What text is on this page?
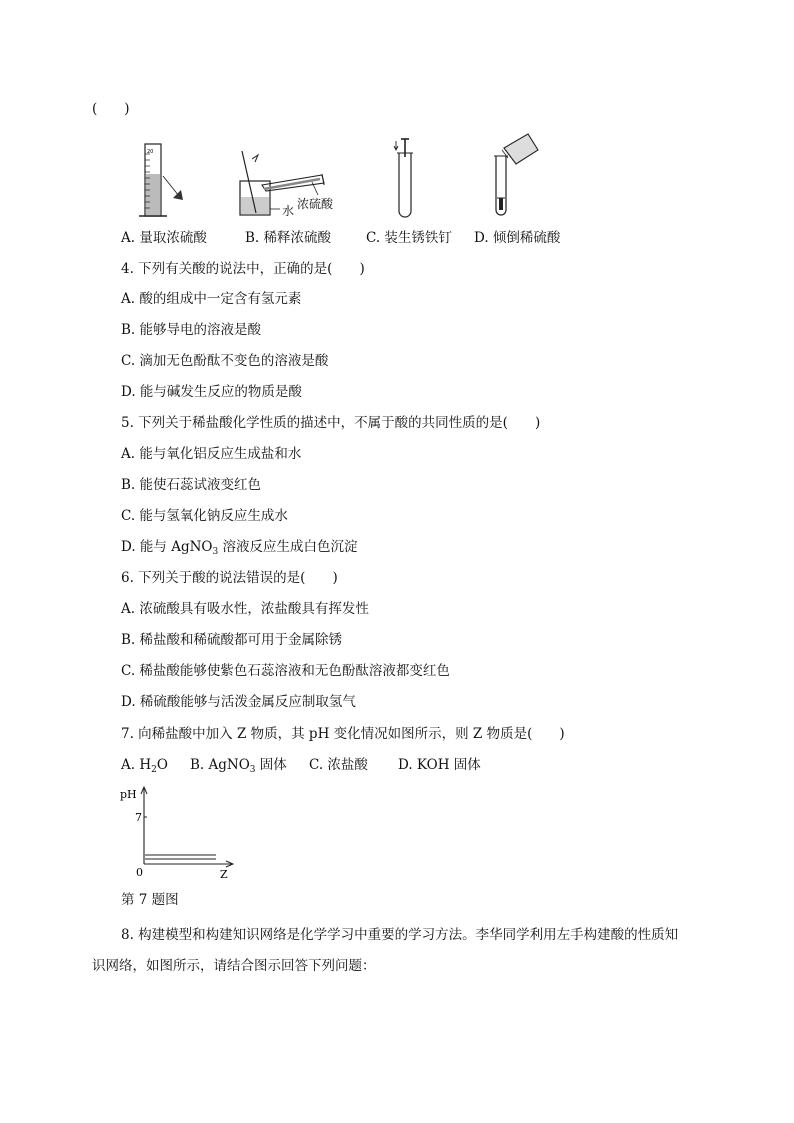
(　　)
20
水 浓硫酸
A. 量取浓硫酸	B. 稀释浓硫酸	C. 装生锈铁钉 D. 倾倒稀硫酸
4. 下列有关酸的说法中，正确的是(　　)
A. 酸的组成中一定含有氢元素
B. 能够导电的溶液是酸
C. 滴加无色酚酞不变色的溶液是酸
D. 能与碱发生反应的物质是酸
5. 下列关于稀盐酸化学性质的描述中，不属于酸的共同性质的是(　　)
A. 能与氧化铝反应生成盐和水
B. 能使石蕊试液变红色
C. 能与氢氧化钠反应生成水
D. 能与 AgNO$_3$ 溶液反应生成白色沉淀
6. 下列关于酸的说法错误的是(　　)
A. 浓硫酸具有吸水性，浓盐酸具有挥发性
B. 稀盐酸和稀硫酸都可用于金属除锈
C. 稀盐酸能够使紫色石蕊溶液和无色酚酞溶液都变红色
D. 稀硫酸能够与活泼金属反应制取氢气
7. 向稀盐酸中加入 Z 物质，其 pH 变化情况如图所示，则 Z 物质是(　　)
A. $H_2O$ B. AgNO$_3$ 固体 C. 浓盐酸 D. KOH 固体
pH
7
0	Z
第 7 题图
8. 构建模型和构建知识网络是化学学习中重要的学习方法。李华同学利用左手构建酸的性质知
识网络，如图所示，请结合图示回答下列问题：
